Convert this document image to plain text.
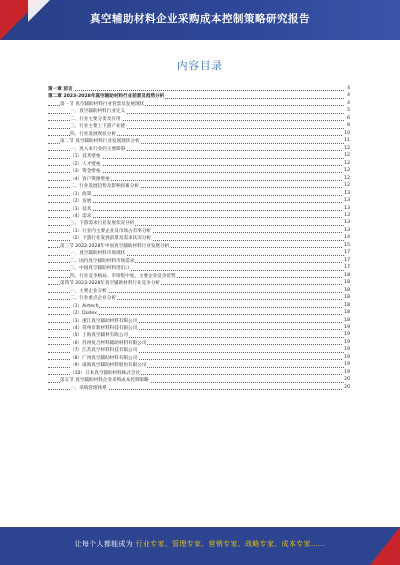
真空辅助材料企业采购成本控制策略研究报告
内容目录
第一章 前言	4
第二章 2023-2028年真空辅助材料行业前景及趋势分析	4
第一节 真空辅助材料行业背景及发展现状	4
一、真空辅助材料行业定义	5
二、行业主要分类及应用	6
三、行业主要上下游产业链	8
四、行业发展现状分析	10
第二节 真空辅助材料行业发展现状分析	11
一、进入本行业的主要障碍	12
（1）技术壁垒	12
（2）人才壁垒	12
（3）资金壁垒	12
（4）客户资源壁垒	12
二、行业发展趋势及影响因素分析	12
（1）政策	13
（2）发展	13
（3）技术	13
（4）需求	13
三、下游需求行业发展状况分析	13
（1）行业内主要企业及市场占有率分析	13
（2）下游行业发展前景及需求状况分析	14
第三节 2022-2028年中国真空辅助材料行业发展分析	15
一、真空辅助材料市场现状	17
二、国内真空辅助材料市场需求	17
三、中国真空辅助材料进出口	17
四、行业竞争格局、市场集中度、主要企业竞争优势	18
第四节 2023-2028年真空辅助材料行业竞争分析	18
一、主要企业分析	18
二、行业重点企业分析	18
（1）Airtech	18
（2）Diatex	18
（3）浙江真空辅助材料有限公司	18
（4）常州市新材料科技有限公司	19
（5）上海真空辅材有限公司	19
（6）苏州复合材料辅助材料有限公司	19
（7）江苏真空材料科技有限公司	19
（8）广州真空辅助材料有限公司	19
（9）威海真空辅助材料股份有限公司	19
（10）日本真空辅助材料株式会社	19
第五节 真空辅助材料企业采购成本控制策略	20
一、采购管理体系	20
让每个人都能成为 行业专家、管理专家、营销专家、战略专家、成本专家……
